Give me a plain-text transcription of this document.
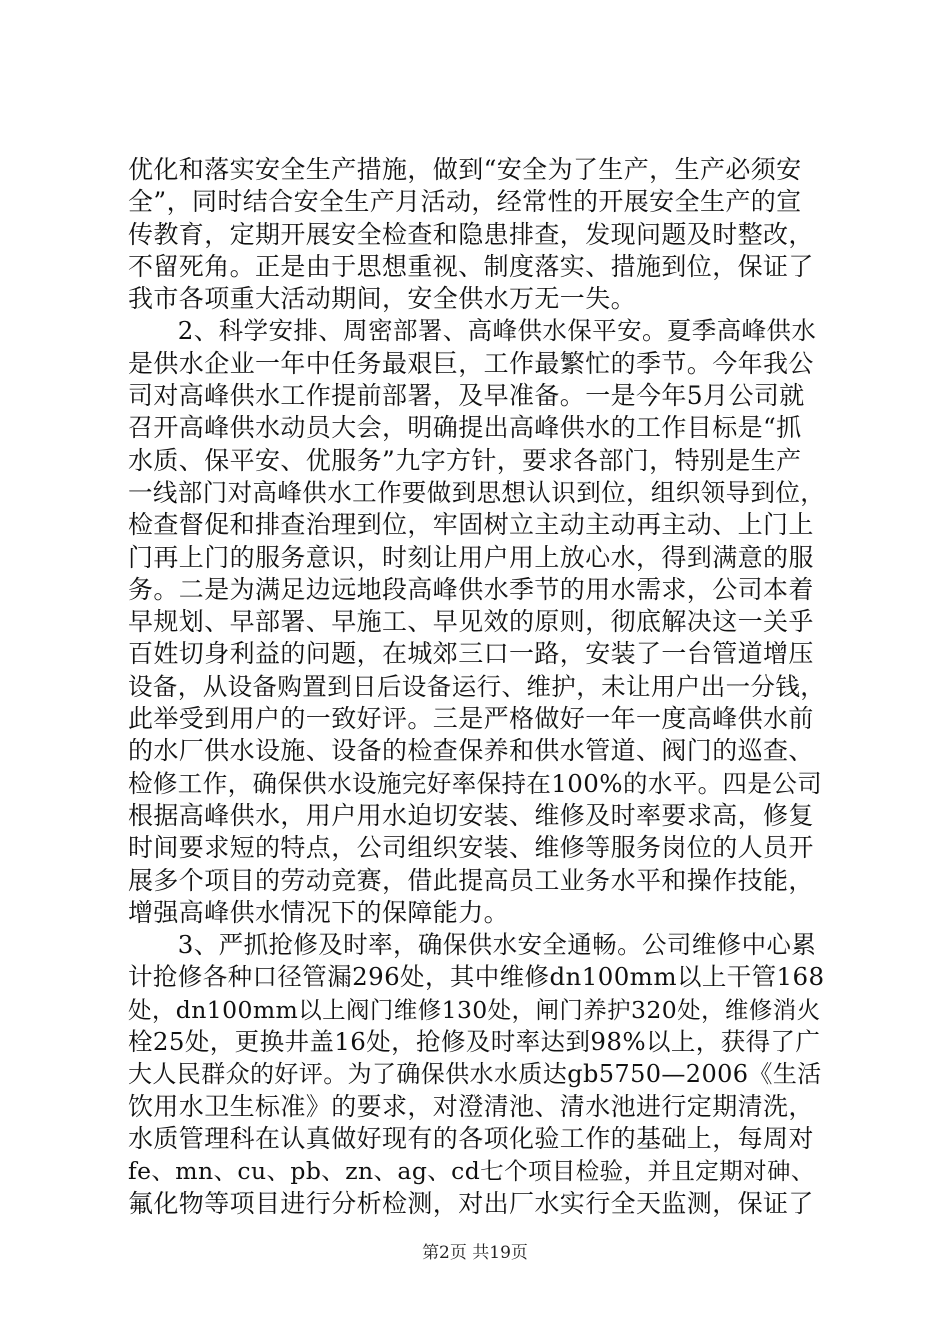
优化和落实安全生产措施，做到“安全为了生产，生产必须安
全”，同时结合安全生产月活动，经常性的开展安全生产的宣
传教育，定期开展安全检查和隐患排查，发现问题及时整改，
不留死角。正是由于思想重视、制度落实、措施到位，保证了
我市各项重大活动期间，安全供水万无一失。
　　2、科学安排、周密部署、高峰供水保平安。夏季高峰供水
是供水企业一年中任务最艰巨，工作最繁忙的季节。今年我公
司对高峰供水工作提前部署，及早准备。一是今年5月公司就
召开高峰供水动员大会，明确提出高峰供水的工作目标是“抓
水质、保平安、优服务”九字方针，要求各部门，特别是生产
一线部门对高峰供水工作要做到思想认识到位，组织领导到位，
检查督促和排查治理到位，牢固树立主动主动再主动、上门上
门再上门的服务意识，时刻让用户用上放心水，得到满意的服
务。二是为满足边远地段高峰供水季节的用水需求，公司本着
早规划、早部署、早施工、早见效的原则，彻底解决这一关乎
百姓切身利益的问题，在城郊三口一路，安装了一台管道增压
设备，从设备购置到日后设备运行、维护，未让用户出一分钱，
此举受到用户的一致好评。三是严格做好一年一度高峰供水前
的水厂供水设施、设备的检查保养和供水管道、阀门的巡查、
检修工作，确保供水设施完好率保持在100%的水平。四是公司
根据高峰供水，用户用水迫切安装、维修及时率要求高，修复
时间要求短的特点，公司组织安装、维修等服务岗位的人员开
展多个项目的劳动竞赛，借此提高员工业务水平和操作技能，
增强高峰供水情况下的保障能力。
　　3、严抓抢修及时率，确保供水安全通畅。公司维修中心累
计抢修各种口径管漏296处，其中维修dn100mm以上干管168
处，dn100mm以上阀门维修130处，闸门养护320处，维修消火
栓25处，更换井盖16处，抢修及时率达到98%以上，获得了广
大人民群众的好评。为了确保供水水质达gb5750—2006《生活
饮用水卫生标准》的要求，对澄清池、清水池进行定期清洗，
水质管理科在认真做好现有的各项化验工作的基础上，每周对
fe、mn、cu、pb、zn、ag、cd七个项目检验，并且定期对砷、
氟化物等项目进行分析检测，对出厂水实行全天监测，保证了
第2页 共19页
